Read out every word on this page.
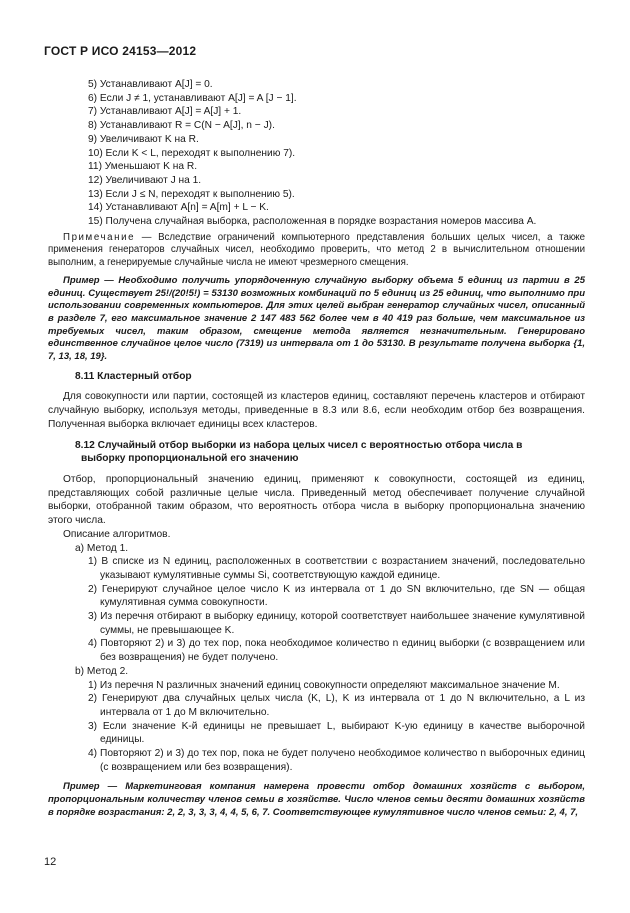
ГОСТ Р ИСО 24153—2012
5) Устанавливают A[J] = 0.
6) Если J ≠ 1, устанавливают A[J] = A [J − 1].
7) Устанавливают A[J] = A[J] + 1.
8) Устанавливают R = C(N − A[J], n − J).
9) Увеличивают K на R.
10) Если K < L, переходят к выполнению 7).
11) Уменьшают K на R.
12) Увеличивают J на 1.
13) Если J ≤ N, переходят к выполнению 5).
14) Устанавливают A[n] = A[m] + L − K.
15) Получена случайная выборка, расположенная в порядке возрастания номеров массива A.

Примечание — Вследствие ограничений компьютерного представления больших целых чисел, а также применения генераторов случайных чисел, необходимо проверить, что метод 2 в вычислительном отношении выполним, а генерируемые случайные числа не имеют чрезмерного смещения.

Пример — Необходимо получить упорядоченную случайную выборку объема 5 единиц из партии в 25 единиц. Существует 25!/(20!5!) = 53130 возможных комбинаций по 5 единиц из 25 единиц, что выполнимо при использовании современных компьютеров. Для этих целей выбран генератор случайных чисел, описанный в разделе 7, его максимальное значение 2 147 483 562 более чем в 40 419 раз больше, чем максимальное из требуемых чисел, таким образом, смещение метода является незначительным. Генерировано единственное случайное целое число (7319) из интервала от 1 до 53130. В результате получена выборка {1, 7, 13, 18, 19}.

8.11 Кластерный отбор

Для совокупности или партии, состоящей из кластеров единиц, составляют перечень кластеров и отбирают случайную выборку, используя методы, приведенные в 8.3 или 8.6, если необходим отбор без возвращения. Полученная выборка включает единицы всех кластеров.

8.12 Случайный отбор выборки из набора целых чисел с вероятностью отбора числа в
выборку пропорциональной его значению

Отбор, пропорциональный значению единиц, применяют к совокупности, состоящей из единиц, представляющих собой различные целые числа. Приведенный метод обеспечивает получение случайной выборки, отобранной таким образом, что вероятность отбора числа в выборку пропорциональна значению этого числа.

Описание алгоритмов.
a) Метод 1.

1) В списке из N единиц, расположенных в соответствии с возрастанием значений, последовательно указывают кумулятивные суммы Si, соответствующую каждой единице.

2) Генерируют случайное целое число K из интервала от 1 до SN включительно, где SN — общая кумулятивная сумма совокупности.

3) Из перечня отбирают в выборку единицу, которой соответствует наибольшее значение кумулятивной суммы, не превышающее K.

4) Повторяют 2) и 3) до тех пор, пока необходимое количество n единиц выборки (с возвращением или без возвращения) не будет получено.

b) Метод 2.

1) Из перечня N различных значений единиц совокупности определяют максимальное значение M.

2) Генерируют два случайных целых числа (K, L), K из интервала от 1 до N включительно, а L из интервала от 1 до M включительно.

3) Если значение K-й единицы не превышает L, выбирают K-ую единицу в качестве выборочной единицы.

4) Повторяют 2) и 3) до тех пор, пока не будет получено необходимое количество n выборочных единиц (с возвращением или без возвращения).

Пример — Маркетинговая компания намерена провести отбор домашних хозяйств с выбором, пропорциональным количеству членов семьи в хозяйстве. Число членов семьи десяти домашних хозяйств в порядке возрастания: 2, 2, 3, 3, 3, 4, 4, 5, 6, 7. Соответствующее кумулятивное число членов семьи: 2, 4, 7,

12
